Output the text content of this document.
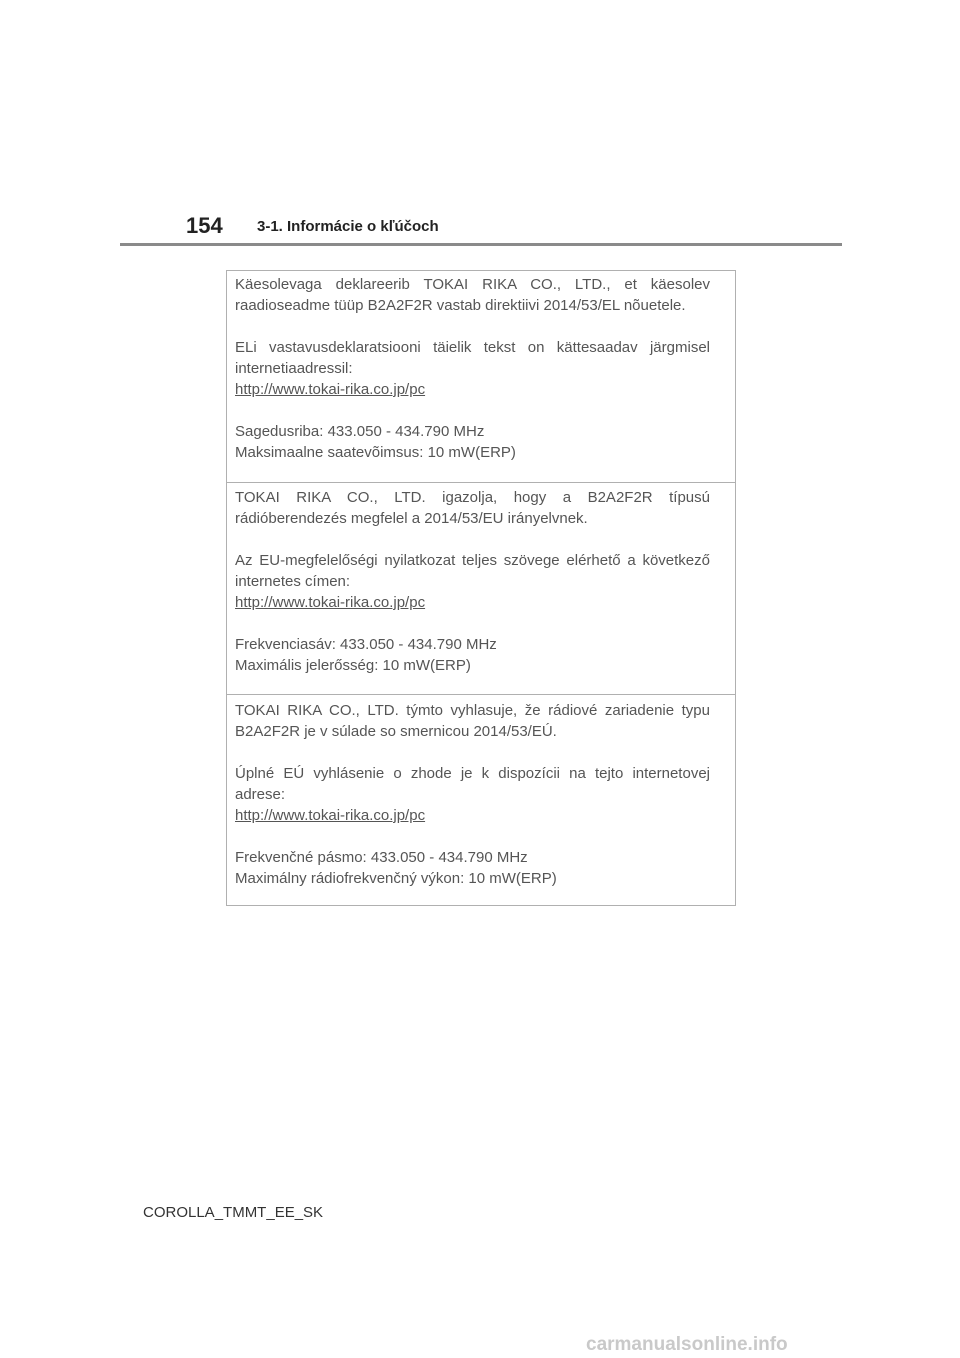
154 3-1. Informácie o kľúčoch

Käesolevaga deklareerib TOKAI RIKA CO., LTD., et käesolev raadioseadme tüüp B2A2F2R vastab direktiivi 2014/53/EL nõuetele.

ELi vastavusdeklaratsiooni täielik tekst on kättesaadav järgmisel internetiaadressil:

http://www.tokai-rika.co.jp/pc

Sagedusriba: 433.050 - 434.790 MHz

Maksimaalne saatevõimsus: 10 mW(ERP)

TOKAI RIKA CO., LTD. igazolja, hogy a B2A2F2R típusú rádióberendezés megfelel a 2014/53/EU irányelvnek.

Az EU-megfelelőségi nyilatkozat teljes szövege elérhető a következő internetes címen:

http://www.tokai-rika.co.jp/pc

Frekvenciasáv: 433.050 - 434.790 MHz

Maximális jelerősség: 10 mW(ERP)

TOKAI RIKA CO., LTD. týmto vyhlasuje, že rádiové zariadenie typu B2A2F2R je v súlade so smernicou 2014/53/EÚ.

Úplné EÚ vyhlásenie o zhode je k dispozícii na tejto internetovej adrese:

http://www.tokai-rika.co.jp/pc

Frekvenčné pásmo: 433.050 - 434.790 MHz

Maximálny rádiofrekvenčný výkon: 10 mW(ERP)

COROLLA_TMMT_EE_SK
carmanualsonline.info
